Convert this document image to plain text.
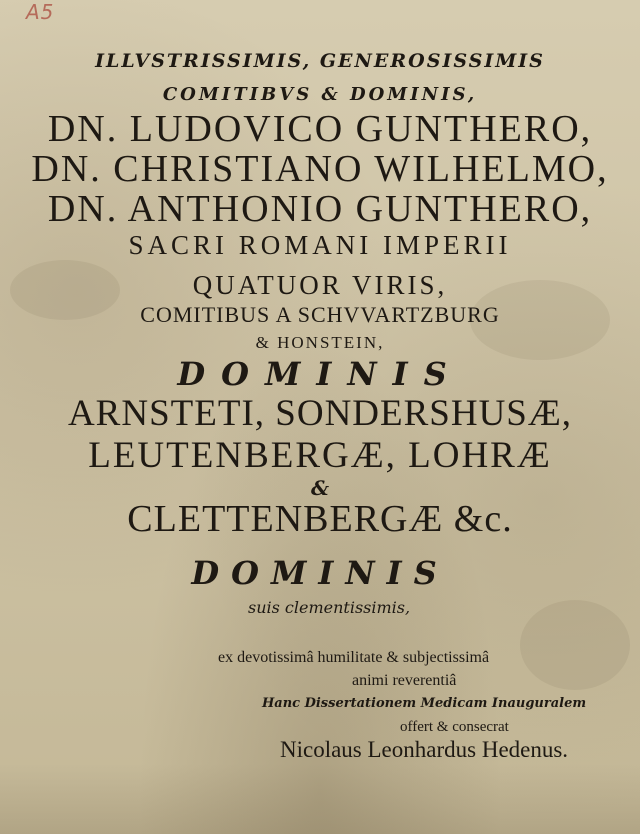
A5
ILLVSTRISSIMIS, GENEROSISSIMIS
COMITIBVS & DOMINIS,
DN. LUDOVICO GUNTHERO,
DN. CHRISTIANO WILHELMO,
DN. ANTHONIO GUNTHERO,
SACRI ROMANI IMPERII
QUATUOR VIRIS,
COMITIBUS A SCHVVARTZBURG
& HONSTEIN,
DOMINIS
ARNSTETI, SONDERSHUSÆ,
LEUTENBERGÆ, LOHRÆ
&
CLETTENBERGÆ &c.
DOMINIS
suis clementissimis,
ex devotissimâ humilitate & subjectissimâ
animi reverentiâ
Hanc Dissertationem Medicam Inauguralem
offert & consecrat
Nicolaus Leonhardus Hedenus.
